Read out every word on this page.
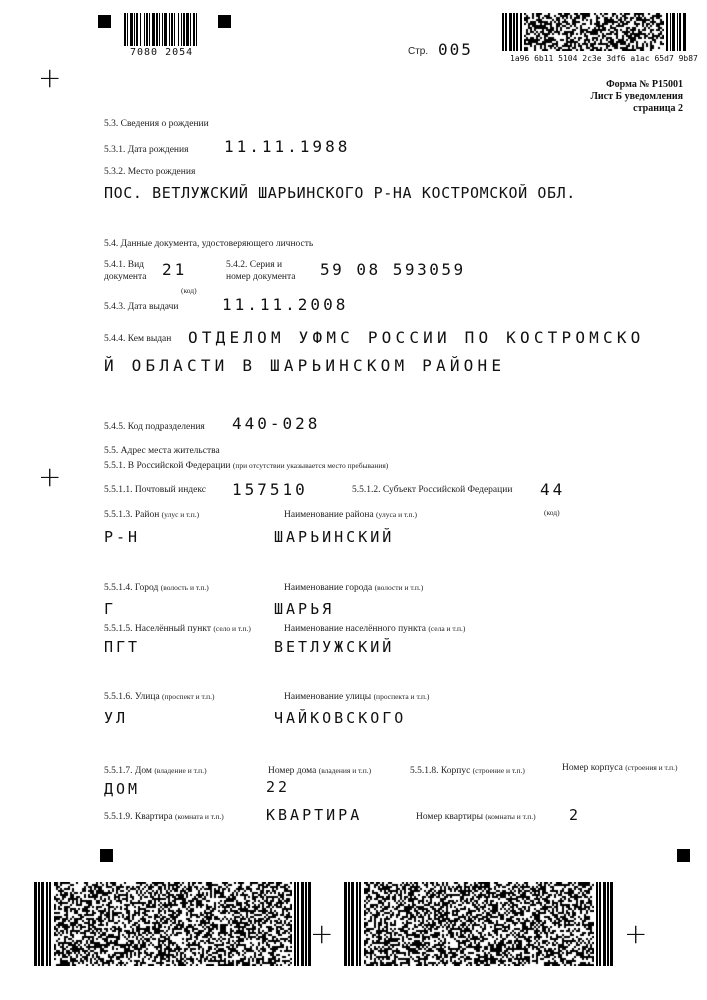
7080 2054	Стр. 005	1a96 6b11 5104 2c3e 3df6 a1ac 65d7 9b87
+	Форма № Р15001
Лист Б уведомления
страница 2
5.3. Сведения о рождении
5.3.1. Дата рождения 11.11.1988
5.3.2. Место рождения
ПОС. ВЕТЛУЖСКИЙ ШАРЬИНСКОГО Р-НА КОСТРОМСКОЙ ОБЛ.
5.4. Данные документа, удостоверяющего личность
5.4.1. Вид
документа 21
(код)
5.4.2. Серия и
номер документа 59 08 593059
5.4.3. Дата выдачи	11.11.2008
5.4.4. Кем выдан ОТДЕЛОМ УФМС РОССИИ ПО КОСТРОМСКО
Й ОБЛАСТИ В ШАРЬИНСКОМ РАЙОНЕ
5.4.5. Код подразделения 440-028
5.5. Адрес места жительства
5.5.1. В Российской Федерации (при отсутствии указывается место пребывания)
+	5.5.1.1. Почтовый индекс 157510	5.5.1.2. Субъект Российской Федерации 44
(код)
5.5.1.3. Район (улус и т.п.)	Наименование района (улуса и т.п.)
Р-Н	ШАРЬИНСКИЙ
5.5.1.4. Город (волость и т.п.)	Наименование города (волости и т.п.)
Г	ШАРЬЯ
5.5.1.5. Населённый пункт (село и т.п.)	Наименование населённого пункта (села и т.п.)
ПГТ	ВЕТЛУЖСКИЙ
5.5.1.6. Улица (проспект и т.п.)	Наименование улицы (проспекта и т.п.)
УЛ	ЧАЙКОВСКОГО
5.5.1.7. Дом (владение и т.п.)	Номер дома (владения и т.п.)	5.5.1.8. Корпус (строение и т.п.)	Номер корпуса (строения и т.п.)
ДОМ	22
5.5.1.9. Квартира (комната и т.п.)	КВАРТИРА	Номер квартиры (комнаты и т.п.) 2
+	+
